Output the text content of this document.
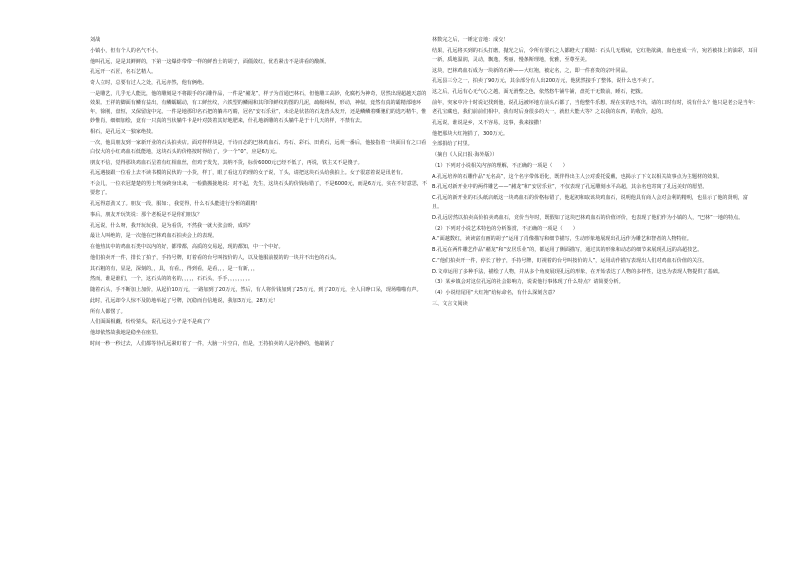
刘战
小镇小，但有个人的名气不小。
他叫孔远，是是其鲜鲜的，下第一这爆炸带带一样的鲜兽士的胡子，面僵敛红，优若紧击不是讲看的酸颜。
孔远开一石匠，名石艺精人。
奇人立时，总要有过人之处，孔远亦然，他有俩绝。
一是雕艺，几乎无人能比，他的雕刻是不将跟手的石雕作品，一件是“赭龙”，样子为首通巴林石，但他雕工高妙，化腐朽为神奇，居然出现超越天意的效果。王祥的脚面有鳞有益出，有鳞蠕蠕动，有工鲜丝纹，六铁型的鳞闹和其印印鲜纹的图的几泥，疏级纠纵，形动，神似，竟然有真的霸精部地环年，徐刚，盘恒，又保留庞中完。一件是地那印名石把的躺卉巧睛，冠名“安石乐业”，未论是状甚的石龙兽头发开，还是鳞鳞着嘶驰们的选巧精牛，惟妙惟肖，细细加绘，竟有一只真的当状躺牛卡是叶对鼓着其好地肥来，什孔地新雕的石头躺牛是于十几天的样，不禁有去。
相石，是孔远又一独家绝技。
一次，他具朋友到一家新开业的石头拍卖店。面对样样块是，干诗百态的巴林鸡血石、寿石、彩石、田黄石，远观一番后，他接指着一块面目有之口看白仅大的小红鸡血石低能地，这块石头的价格按时得给了，少一个“0”，应是6万元。
朋友不信，觉得那块鸡血石呈着有红相血丝，但鸡子发先，其纳不货，标价6000元已经不低了，再说，铁主又不是傻子。
孔远遇接跟一位看上去不读书模的民伙的一小货，样丁，眼了看这方的理的女子说，丫头，请把这块石头给我拍上。女子很意着说是讯老有。
不会儿，一位衣冠楚楚的男士驾身跨身出来，一检勤搬拢地说：对不起，先生，这块石头的价钱标错了，不是6000元，而是6万元，实在不好意思，不要您了。
孔远得意劲又了。朋友一段，服如：，我觉得，什么石头能进行分析的跟精！
事后，朋友开玩笑说：那个老板是不是你们朋友？
孔远说，什么呀，我开玩玩我，是为看货，不然我一就大张会盼，成吗？
最让人叫绝的，是一次他在巴林鸡血石拍卖会上的表现。
在他热其中的鸡血石类中以内的好，都带都，高质的交易起，现的都知，中一个中好。
他们拍卖开一件，排长了拍子，手持号牌，盯着看的台号叫按价的人，以及他服前搅的的一块并不出色的石头。
其石粗的有，显是，深刻的，，具，有看。，得到看，是看，，，是一有新，，，
然而，谁是谁们，一个，这石头的的名的，，，，，石石头，手手，，，，，，，，。
随着石头，手不断加上加价，从起价10万元，一路加到了20万元，然后，有人将价钱加到了25万元，到了20万元，全人目睁口呆，现场啪啪有声。
此时，孔远却令人惊不及防地举起了号牌，沉稳而自信地说，我加3万元，28万元！
所有人都愣了。
人们面面相觑，纷纷猜头，说孔远这小子是不是疯了？
他却依然故我地是稳坐在座里。
时间一秒一秒过去，人们都等待孔远紧盯着了一件，大脑一片空白，但是，王持拍卖的人是冷静的，他敲锅了
林数完之后，一锤定音地：成交！
结果，孔远将买到的石头打磨，抛光之后，令所有要石之人都瞪大了眼睛：石头几无瑕疵，它红艳欲滴，血色连成一片，宛若被抹上的油彩，耳目一新，质地温润，灵动，飘逸，秀丽，慢条斯理地，优雅，至尊至美。
这块，巴林鸡血石成为一块新的石种——大红袍，被定名，之，即一件喜贵的宗叶同品。
孔远县三分之一，拍卖了90万元，其余部分有人出200万元，他犹然接手了整体，说什么也不卖了。
这之后，孔远有心无气心之越，面无滑整之色，依然悠牛铺牛铺，盘托干无数前，睡石，把拨。
前年，突家中冷十时说记找到他，说孔远被坏地方前头石都了，当他整牛乐想，现在实的也不出，请的口时有时，说有什么？他只是老公是当年：老孔宝藏也，我们前前们相中，我有时后身很多的大一，就但大能大等？之以我的东西，的收价，起的。
孔远说，谁说是乡，又不容易，这事，我来接撒！
他把那块大红袍捐了，300万元。
全部捐给了村里。
（摘自《人民日报·海外版》）
（1）下列对小说相关内容的理解，不正确的一项是（　　）
A.孔远培养的石雕作品“无名高”，这个名字带体语化，既伴得出主人公对委托爱戴，也揭示了下文以相关故事点为主题材的效果。
B.孔远对新开业中的两件雕艺——“赭龙”和“安居乐业”，不仅表现了孔远雕刻水平高超，其余名也寄寓了孔远美好的愿望。
C.孔远的新开业的石头纸店纸这一块鸡血石的价格标错了，他起初和取该块鸡血石，说明他具有商人会对会利的精明，也显示了他的贤明，富且。
D.孔远居然以拍卖高价拍卖鸡血石，竞价当年时，既假如了这块巴林鸡血石的价值评价，也表现了他们作为小镇的人，“巴林”一地的特点。
（2）下列对小说艺术特色的分析鉴赏，不正确的一项是（　　）
A.“面越数红，读读富有画的胡子”运用了肖像描写和细节描写，生动形象地展现出孔远作为雕艺和智者的人物特征。
B.孔远在两件雕艺作品“赭龙”和“安居乐业”的，都运用了侧面描写，通过其的形象和动态的细节来展现孔远的高超技艺。
C.“他们拍卖开一件，停长了脖子，手持号牌，盯视着的台号叫按价的人”，运用动作描写表现出人们对鸡血石价值的关注。
D.文章运用了多种手法，描绘了人物，并从多个角度展现孔远的形象，在开始表达了人物的多样性，这也为表现人物提供了基础。
（3）某乡镇会对这位孔远的社会影响力，说说他行事体现了什么特点？请简要分析。
（4）小说结尾用“大红袍”给标命名，有什么深刻含意？
三、文言文阅读
